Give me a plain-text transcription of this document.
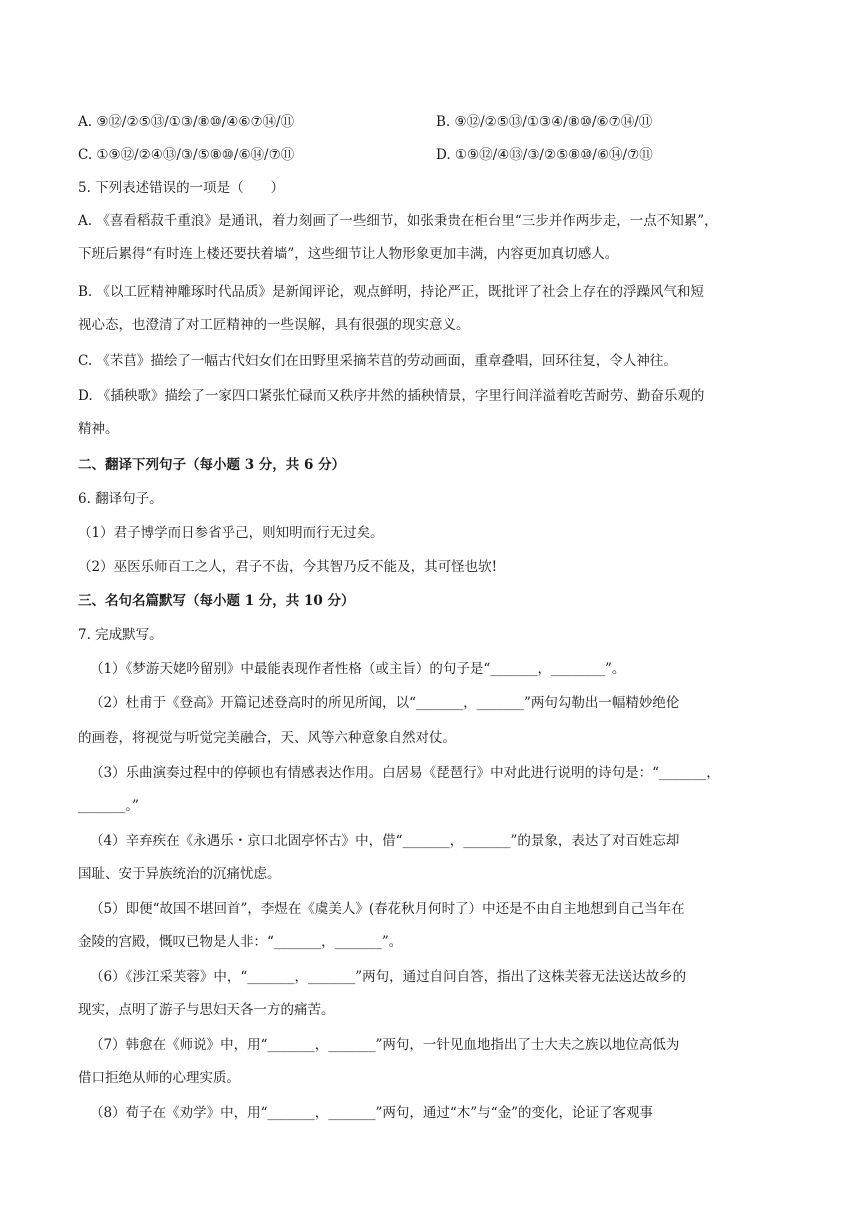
A. ⑨⑫/②⑤⑬/①③/⑧⑩/④⑥⑦⑭/⑪	B. ⑨⑫/②⑤⑬/①③④/⑧⑩/⑥⑦⑭/⑪
C. ①⑨⑫/②④⑬/③/⑤⑧⑩/⑥⑭/⑦⑪	D. ①⑨⑫/④⑬/③/②⑤⑧⑩/⑥⑭/⑦⑪
5. 下列表述错误的一项是（　　）
A. 《喜看稻菽千重浪》是通讯，着力刻画了一些细节，如张秉贵在柜台里“三步并作两步走，一点不知累”，
下班后累得“有时连上楼还要扶着墙”，这些细节让人物形象更加丰满，内容更加真切感人。
B. 《以工匠精神雕琢时代品质》是新闻评论，观点鲜明，持论严正，既批评了社会上存在的浮躁风气和短
视心态，也澄清了对工匠精神的一些误解，具有很强的现实意义。
C. 《芣苢》描绘了一幅古代妇女们在田野里采摘芣苢的劳动画面，重章叠唱，回环往复，令人神往。
D. 《插秧歌》描绘了一家四口紧张忙碌而又秩序井然的插秧情景，字里行间洋溢着吃苦耐劳、勤奋乐观的
精神。
二、翻译下列句子（每小题 3 分，共 6 分）
6. 翻译句子。
（1）君子博学而日参省乎己，则知明而行无过矣。
（2）巫医乐师百工之人，君子不齿，今其智乃反不能及，其可怪也欤!
三、名句名篇默写（每小题 1 分，共 10 分）
7. 完成默写。
（1）《梦游天姥吟留别》中最能表现作者性格（或主旨）的句子是“_______，________”。
（2）杜甫于《登高》开篇记述登高时的所见所闻，以“_______，_______”两句勾勒出一幅精妙绝伦
的画卷，将视觉与听觉完美融合，天、风等六种意象自然对仗。
（3）乐曲演奏过程中的停顿也有情感表达作用。白居易《琵琶行》中对此进行说明的诗句是：“_______，
_______。”
（4）辛弃疾在《永遇乐・京口北固亭怀古》中，借“_______，_______”的景象，表达了对百姓忘却
国耻、安于异族统治的沉痛忧虑。
（5）即便“故国不堪回首”，李煜在《虞美人》(春花秋月何时了）中还是不由自主地想到自己当年在
金陵的宫殿，慨叹已物是人非：“_______，_______”。
（6）《涉江采芙蓉》中，“_______，_______”两句，通过自问自答，指出了这株芙蓉无法送达故乡的
现实，点明了游子与思妇天各一方的痛苦。
（7）韩愈在《师说》中，用“_______，_______”两句，一针见血地指出了士大夫之族以地位高低为
借口拒绝从师的心理实质。
（8）荀子在《劝学》中，用“_______，_______”两句，通过“木”与“金”的变化，论证了客观事
